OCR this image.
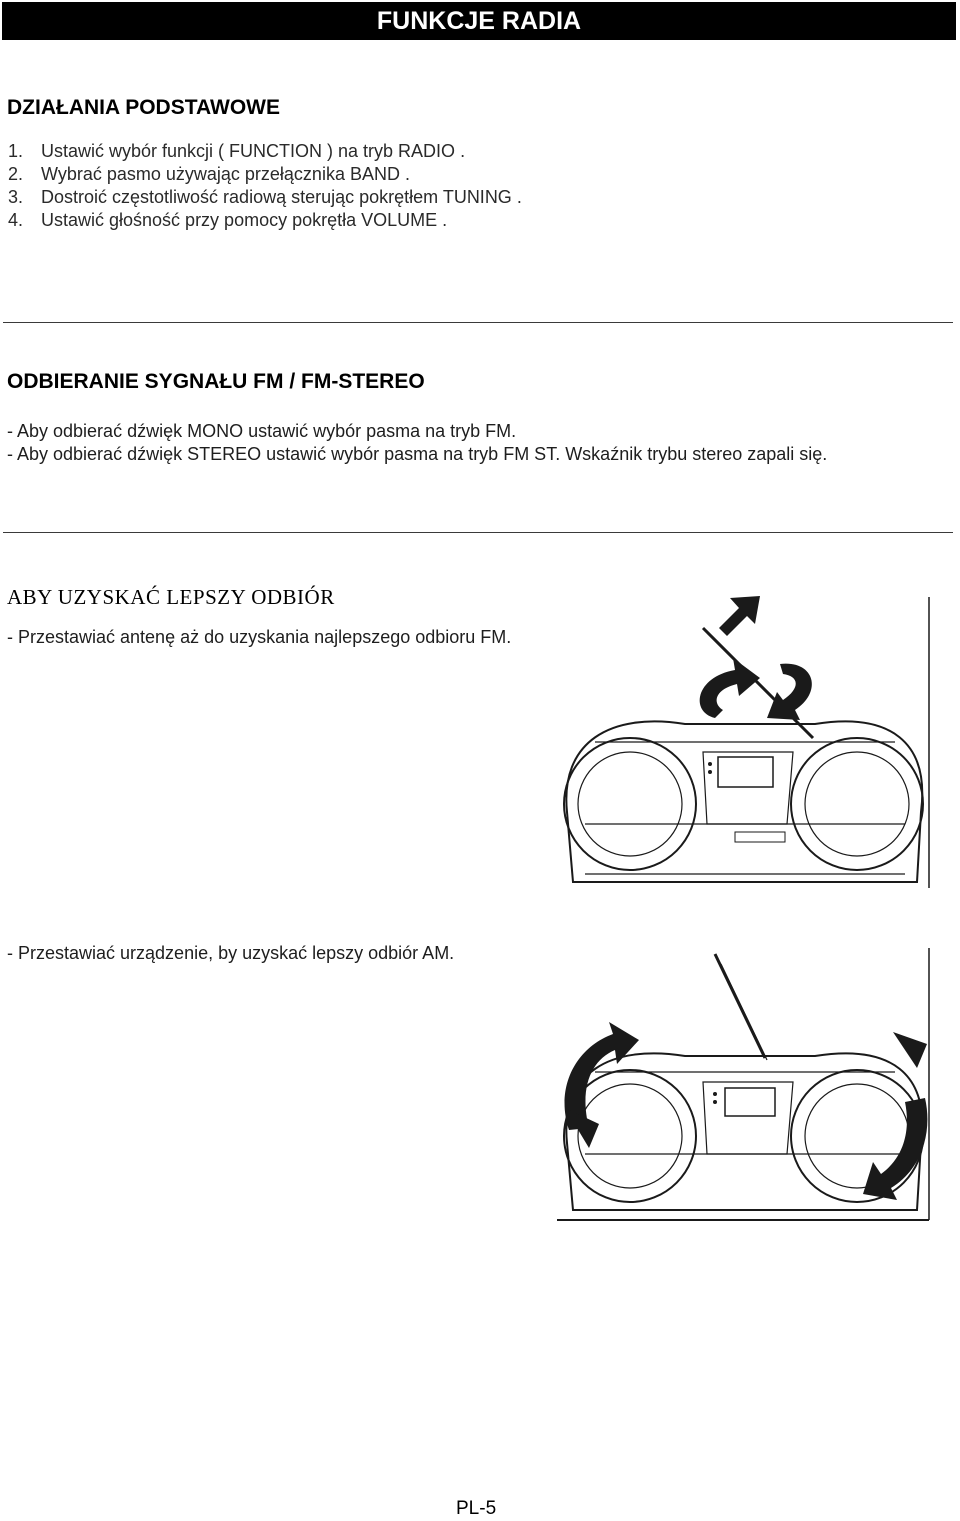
FUNKCJE RADIA
DZIAŁANIA PODSTAWOWE
1. Ustawić wybór funkcji ( FUNCTION ) na tryb RADIO .
2. Wybrać pasmo używając przełącznika BAND .
3. Dostroić częstotliwość radiową sterując pokrętłem TUNING .
4. Ustawić głośność przy pomocy pokrętła VOLUME .
ODBIERANIE SYGNAŁU FM / FM-STEREO

- Aby odbierać dźwięk MONO ustawić wybór pasma na tryb FM.

- Aby odbierać dźwięk STEREO ustawić wybór pasma na tryb FM ST. Wskaźnik trybu stereo zapali się.

ABY UZYSKAĆ LEPSZY ODBIÓR

- Przestawiać antenę aż do uzyskania najlepszego odbioru FM.

- Przestawiać urządzenie, by uzyskać lepszy odbiór AM.

PL-5
